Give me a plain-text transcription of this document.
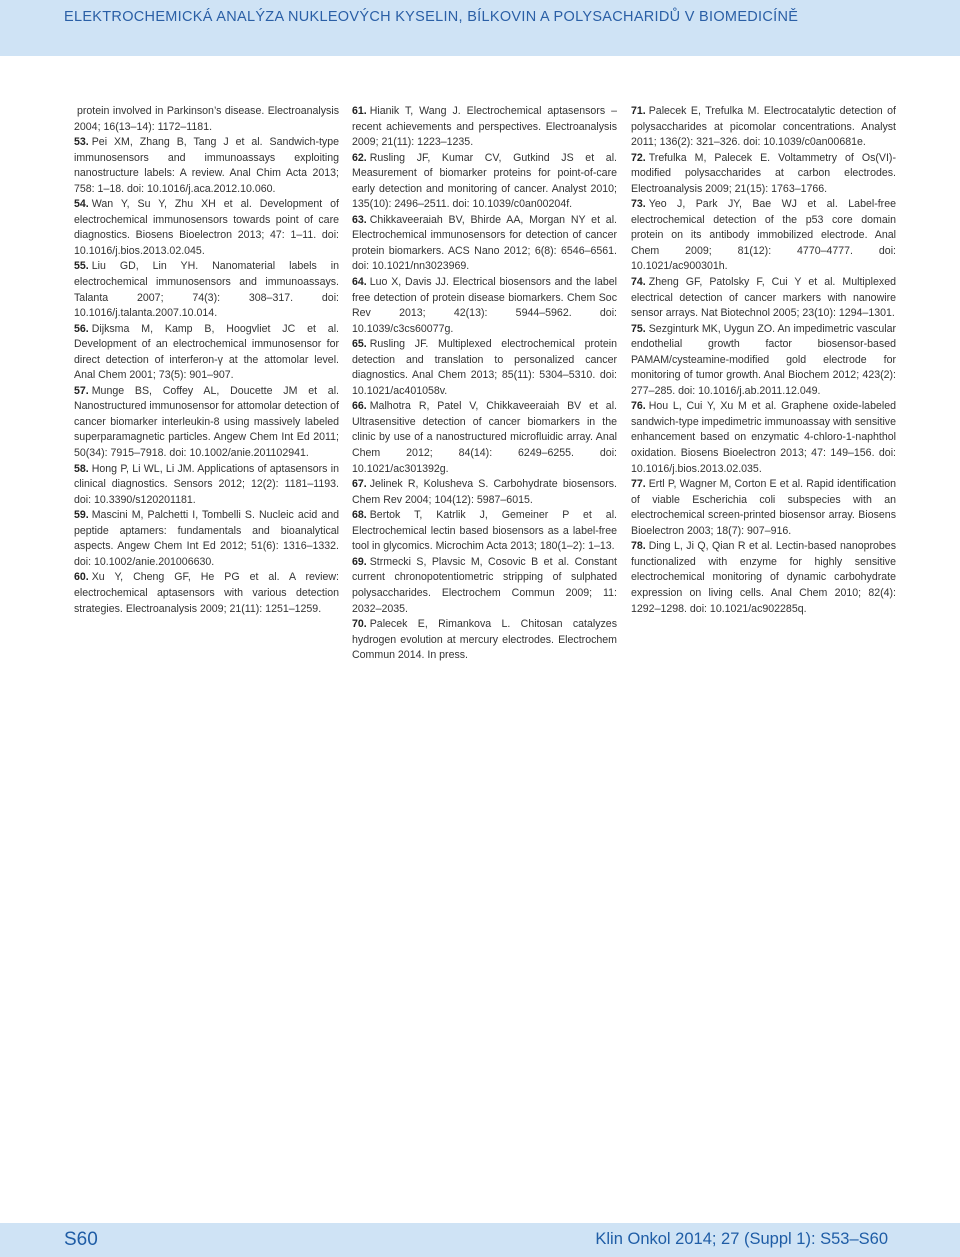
ELEKTROCHEMICKÁ ANALÝZA NUKLEOVÝCH KYSELIN, BÍLKOVIN A POLYSACHARIDŮ V BIOMEDICÍNĚ

protein involved in Parkinson’s disease. Electroanalysis 2004; 16(13–14): 1172–1181.

53. Pei XM, Zhang B, Tang J et al. Sandwich-type immunosensors and immunoassays exploiting nanostructure labels: A review. Anal Chim Acta 2013; 758: 1–18. doi: 10.1016/j.aca.2012.10.060.

54. Wan Y, Su Y, Zhu XH et al. Development of electrochemical immunosensors towards point of care diagnostics. Biosens Bioelectron 2013; 47: 1–11. doi: 10.1016/j.bios.2013.02.045.

55. Liu GD, Lin YH. Nanomaterial labels in electrochemical immunosensors and immunoassays. Talanta 2007; 74(3): 308–317. doi: 10.1016/j.talanta.2007.10.014.

56. Dijksma M, Kamp B, Hoogvliet JC et al. Development of an electrochemical immunosensor for direct detection of interferon-γ at the attomolar level. Anal Chem 2001; 73(5): 901–907.

57. Munge BS, Coffey AL, Doucette JM et al. Nanostructured immunosensor for attomolar detection of cancer biomarker interleukin-8 using massively labeled superparamagnetic particles. Angew Chem Int Ed 2011; 50(34): 7915–7918. doi: 10.1002/anie.201102941.

58. Hong P, Li WL, Li JM. Applications of aptasensors in clinical diagnostics. Sensors 2012; 12(2): 1181–1193. doi: 10.3390/s120201181.

59. Mascini M, Palchetti I, Tombelli S. Nucleic acid and peptide aptamers: fundamentals and bioanalytical aspects. Angew Chem Int Ed 2012; 51(6): 1316–1332. doi: 10.1002/anie.201006630.

60. Xu Y, Cheng GF, He PG et al. A review: electrochemical aptasensors with various detection strategies. Electroanalysis 2009; 21(11): 1251–1259.

61. Hianik T, Wang J. Electrochemical aptasensors – recent achievements and perspectives. Electroanalysis 2009; 21(11): 1223–1235.

62. Rusling JF, Kumar CV, Gutkind JS et al. Measurement of biomarker proteins for point-of-care early detection and monitoring of cancer. Analyst 2010; 135(10): 2496–2511. doi: 10.1039/c0an00204f.

63. Chikkaveeraiah BV, Bhirde AA, Morgan NY et al. Electrochemical immunosensors for detection of cancer protein biomarkers. ACS Nano 2012; 6(8): 6546–6561. doi: 10.1021/nn3023969.

64. Luo X, Davis JJ. Electrical biosensors and the label free detection of protein disease biomarkers. Chem Soc Rev 2013; 42(13): 5944–5962. doi: 10.1039/c3cs60077g.

65. Rusling JF. Multiplexed electrochemical protein detection and translation to personalized cancer diagnostics. Anal Chem 2013; 85(11): 5304–5310. doi: 10.1021/ac401058v.

66. Malhotra R, Patel V, Chikkaveeraiah BV et al. Ultrasensitive detection of cancer biomarkers in the clinic by use of a nanostructured microfluidic array. Anal Chem 2012; 84(14): 6249–6255. doi: 10.1021/ac301392g.

67. Jelinek R, Kolusheva S. Carbohydrate biosensors. Chem Rev 2004; 104(12): 5987–6015.

68. Bertok T, Katrlik J, Gemeiner P et al. Electrochemical lectin based biosensors as a label-free tool in glycomics. Microchim Acta 2013; 180(1–2): 1–13.

69. Strmecki S, Plavsic M, Cosovic B et al. Constant current chronopotentiometric stripping of sulphated polysaccharides. Electrochem Commun 2009; 11: 2032–2035.

70. Palecek E, Rimankova L. Chitosan catalyzes hydrogen evolution at mercury electrodes. Electrochem Commun 2014. In press.

71. Palecek E, Trefulka M. Electrocatalytic detection of polysaccharides at picomolar concentrations. Analyst 2011; 136(2): 321–326. doi: 10.1039/c0an00681e.

72. Trefulka M, Palecek E. Voltammetry of Os(VI)-modified polysaccharides at carbon electrodes. Electroanalysis 2009; 21(15): 1763–1766.

73. Yeo J, Park JY, Bae WJ et al. Label-free electrochemical detection of the p53 core domain protein on its antibody immobilized electrode. Anal Chem 2009; 81(12): 4770–4777. doi: 10.1021/ac900301h.

74. Zheng GF, Patolsky F, Cui Y et al. Multiplexed electrical detection of cancer markers with nanowire sensor arrays. Nat Biotechnol 2005; 23(10): 1294–1301.

75. Sezginturk MK, Uygun ZO. An impedimetric vascular endothelial growth factor biosensor-based PAMAM/cysteamine-modified gold electrode for monitoring of tumor growth. Anal Biochem 2012; 423(2): 277–285. doi: 10.1016/j.ab.2011.12.049.

76. Hou L, Cui Y, Xu M et al. Graphene oxide-labeled sandwich-type impedimetric immunoassay with sensitive enhancement based on enzymatic 4-chloro-1-naphthol oxidation. Biosens Bioelectron 2013; 47: 149–156. doi: 10.1016/j.bios.2013.02.035.

77. Ertl P, Wagner M, Corton E et al. Rapid identification of viable Escherichia coli subspecies with an electrochemical screen-printed biosensor array. Biosens Bioelectron 2003; 18(7): 907–916.

78. Ding L, Ji Q, Qian R et al. Lectin-based nanoprobes functionalized with enzyme for highly sensitive electrochemical monitoring of dynamic carbohydrate expression on living cells. Anal Chem 2010; 82(4): 1292–1298. doi: 10.1021/ac902285q.

S60	Klin Onkol 2014; 27 (Suppl 1): S53–S60
